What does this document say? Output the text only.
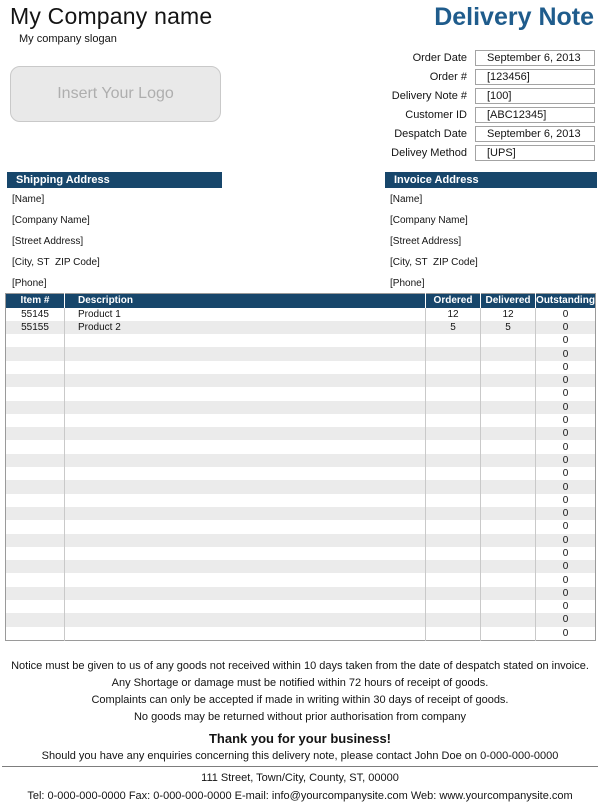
My Company name
My company slogan
Delivery Note
Insert Your Logo
Order Date	September 6, 2013
Order #	[123456]
Delivery Note #	[100]
Customer ID	[ABC12345]
Despatch Date	September 6, 2013
Delivey Method	[UPS]
Shipping Address
[Name]
[Company Name]
[Street Address]
[City, ST  ZIP Code]
[Phone]
Invoice Address
[Name]
[Company Name]
[Street Address]
[City, ST  ZIP Code]
[Phone]
Item #	Description	Ordered	Delivered	Outstanding
55145	Product 1	12	12	0
55155	Product 2	5	5	0
				0
				0
				0
				0
				0
				0
				0
				0
				0
				0
				0
				0
				0
				0
				0
				0
				0
				0
				0
				0
				0
				0
				0
Notice must be given to us of any goods not received within 10 days taken from the date of despatch stated on invoice.
Any Shortage or damage must be notified within 72 hours of receipt of goods.
Complaints can only be accepted if made in writing within 30 days of receipt of goods.
No goods may be returned without prior authorisation from company
Thank you for your business!
Should you have any enquiries concerning this delivery note, please contact John Doe on 0-000-000-0000
111 Street, Town/City, County, ST, 00000
Tel: 0-000-000-0000 Fax: 0-000-000-0000 E-mail: info@yourcompanysite.com Web: www.yourcompanysite.com
